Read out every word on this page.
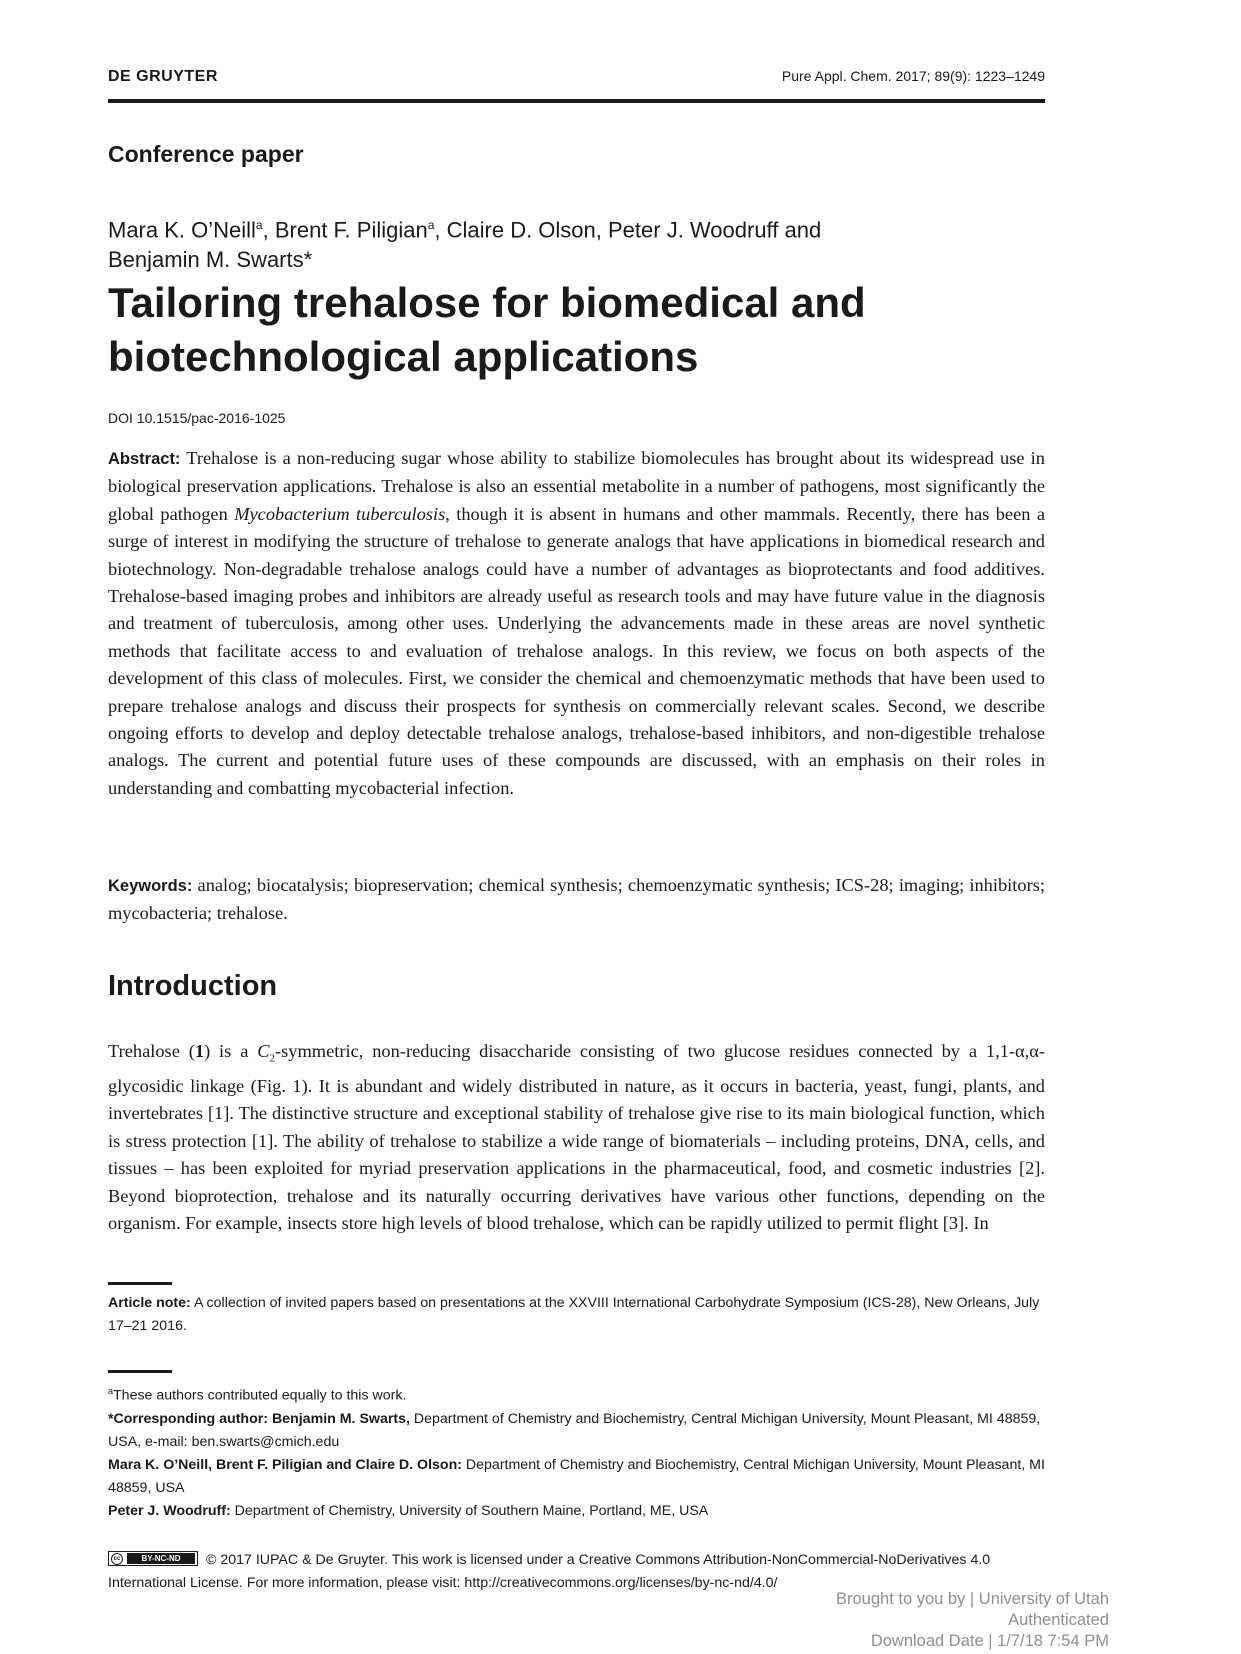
DE GRUYTER	Pure Appl. Chem. 2017; 89(9): 1223–1249
Conference paper
Mara K. O’Neill$^a$, Brent F. Piligian$^a$, Claire D. Olson, Peter J. Woodruff and Benjamin M. Swarts*
Tailoring trehalose for biomedical and biotechnological applications
DOI 10.1515/pac-2016-1025

Abstract: Trehalose is a non-reducing sugar whose ability to stabilize biomolecules has brought about its widespread use in biological preservation applications. Trehalose is also an essential metabolite in a number of pathogens, most significantly the global pathogen Mycobacterium tuberculosis, though it is absent in humans and other mammals. Recently, there has been a surge of interest in modifying the structure of trehalose to generate analogs that have applications in biomedical research and biotechnology. Non-degradable trehalose analogs could have a number of advantages as bioprotectants and food additives. Trehalose-based imaging probes and inhibitors are already useful as research tools and may have future value in the diagnosis and treatment of tuberculosis, among other uses. Underlying the advancements made in these areas are novel synthetic methods that facilitate access to and evaluation of trehalose analogs. In this review, we focus on both aspects of the development of this class of molecules. First, we consider the chemical and chemoenzymatic methods that have been used to prepare trehalose analogs and discuss their prospects for synthesis on commercially relevant scales. Second, we describe ongoing efforts to develop and deploy detectable trehalose analogs, trehalose-based inhibitors, and non-digestible trehalose analogs. The current and potential future uses of these compounds are discussed, with an emphasis on their roles in understanding and combatting mycobacterial infection.

Keywords: analog; biocatalysis; biopreservation; chemical synthesis; chemoenzymatic synthesis; ICS-28; imaging; inhibitors; mycobacteria; trehalose.

Introduction

Trehalose (1) is a $C_2$-symmetric, non-reducing disaccharide consisting of two glucose residues connected by a 1,1-α,α-glycosidic linkage (Fig. 1). It is abundant and widely distributed in nature, as it occurs in bacteria, yeast, fungi, plants, and invertebrates [1]. The distinctive structure and exceptional stability of trehalose give rise to its main biological function, which is stress protection [1]. The ability of trehalose to stabilize a wide range of biomaterials – including proteins, DNA, cells, and tissues – has been exploited for myriad preservation applications in the pharmaceutical, food, and cosmetic industries [2]. Beyond bioprotection, trehalose and its naturally occurring derivatives have various other functions, depending on the organism. For example, insects store high levels of blood trehalose, which can be rapidly utilized to permit flight [3]. In

Article note: A collection of invited papers based on presentations at the XXVIII International Carbohydrate Symposium (ICS-28), New Orleans, July 17–21 2016.

$^a$These authors contributed equally to this work.
*Corresponding author: Benjamin M. Swarts, Department of Chemistry and Biochemistry, Central Michigan University, Mount Pleasant, MI 48859, USA, e-mail: ben.swarts@cmich.edu
Mara K. O’Neill, Brent F. Piligian and Claire D. Olson: Department of Chemistry and Biochemistry, Central Michigan University, Mount Pleasant, MI 48859, USA
Peter J. Woodruff: Department of Chemistry, University of Southern Maine, Portland, ME, USA

cc	BY-NC-ND	© 2017 IUPAC & De Gruyter. This work is licensed under a Creative Commons Attribution-NonCommercial-NoDerivatives 4.0 International License. For more information, please visit: http://creativecommons.org/licenses/by-nc-nd/4.0/
Brought to you by | University of Utah
Authenticated
Download Date | 1/7/18 7:54 PM
